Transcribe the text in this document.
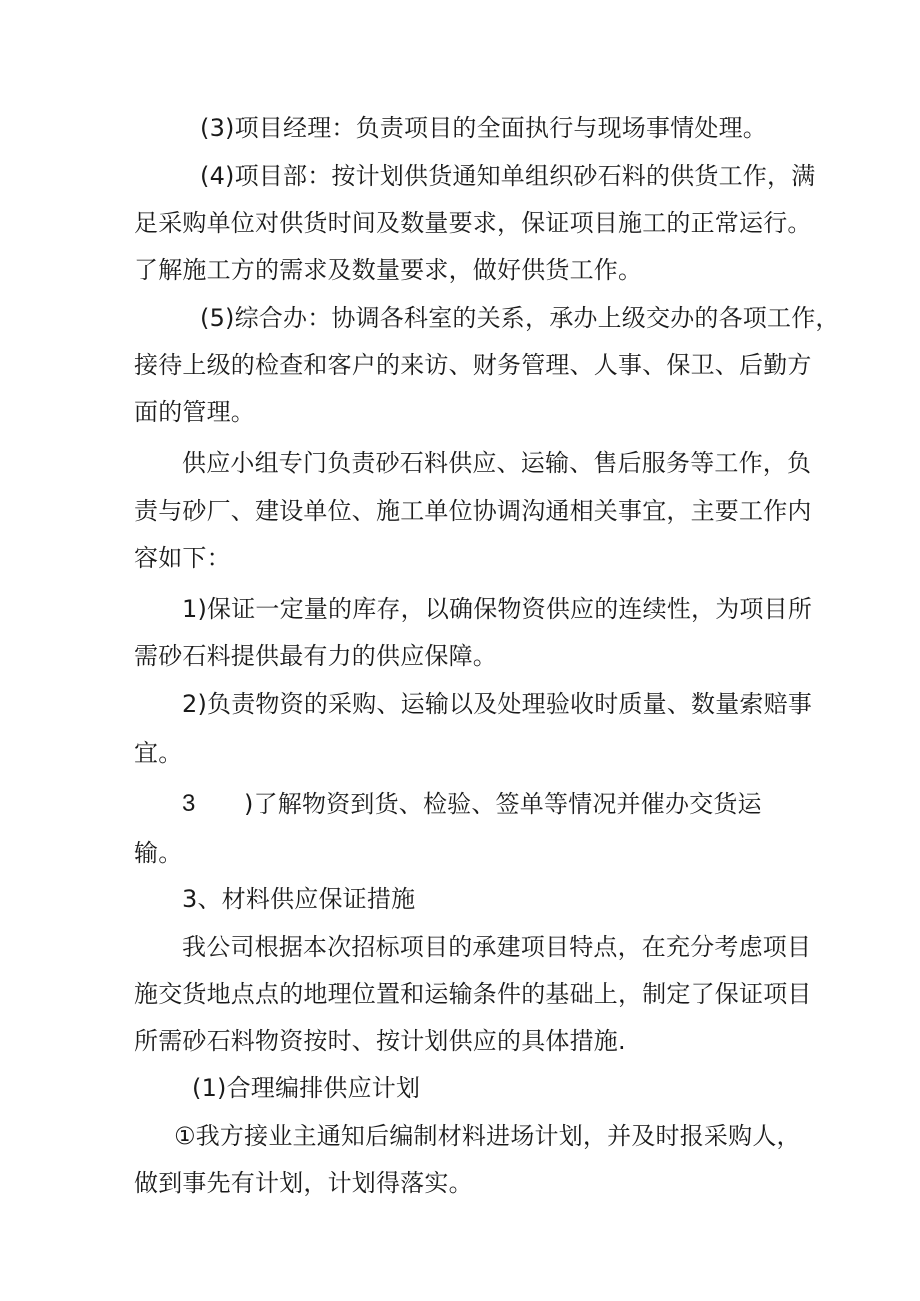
(3)项目经理：负责项目的全面执行与现场事情处理。
(4)项目部：按计划供货通知单组织砂石料的供货工作，满
足采购单位对供货时间及数量要求，保证项目施工的正常运行。
了解施工方的需求及数量要求，做好供货工作。
(5)综合办：协调各科室的关系，承办上级交办的各项工作，
接待上级的检查和客户的来访、财务管理、人事、保卫、后勤方
面的管理。
供应小组专门负责砂石料供应、运输、售后服务等工作，负
责与砂厂、建设单位、施工单位协调沟通相关事宜，主要工作内
容如下：
1)保证一定量的库存，以确保物资供应的连续性，为项目所
需砂石料提供最有力的供应保障。
2)负责物资的采购、运输以及处理验收时质量、数量索赔事
宜。
3 )了解物资到货、检验、签单等情况并催办交货运
输。
3、材料供应保证措施
我公司根据本次招标项目的承建项目特点，在充分考虑项目
施交货地点点的地理位置和运输条件的基础上，制定了保证项目
所需砂石料物资按时、按计划供应的具体措施.
(1)合理编排供应计划
①我方接业主通知后编制材料进场计划，并及时报采购人，
做到事先有计划，计划得落实。
